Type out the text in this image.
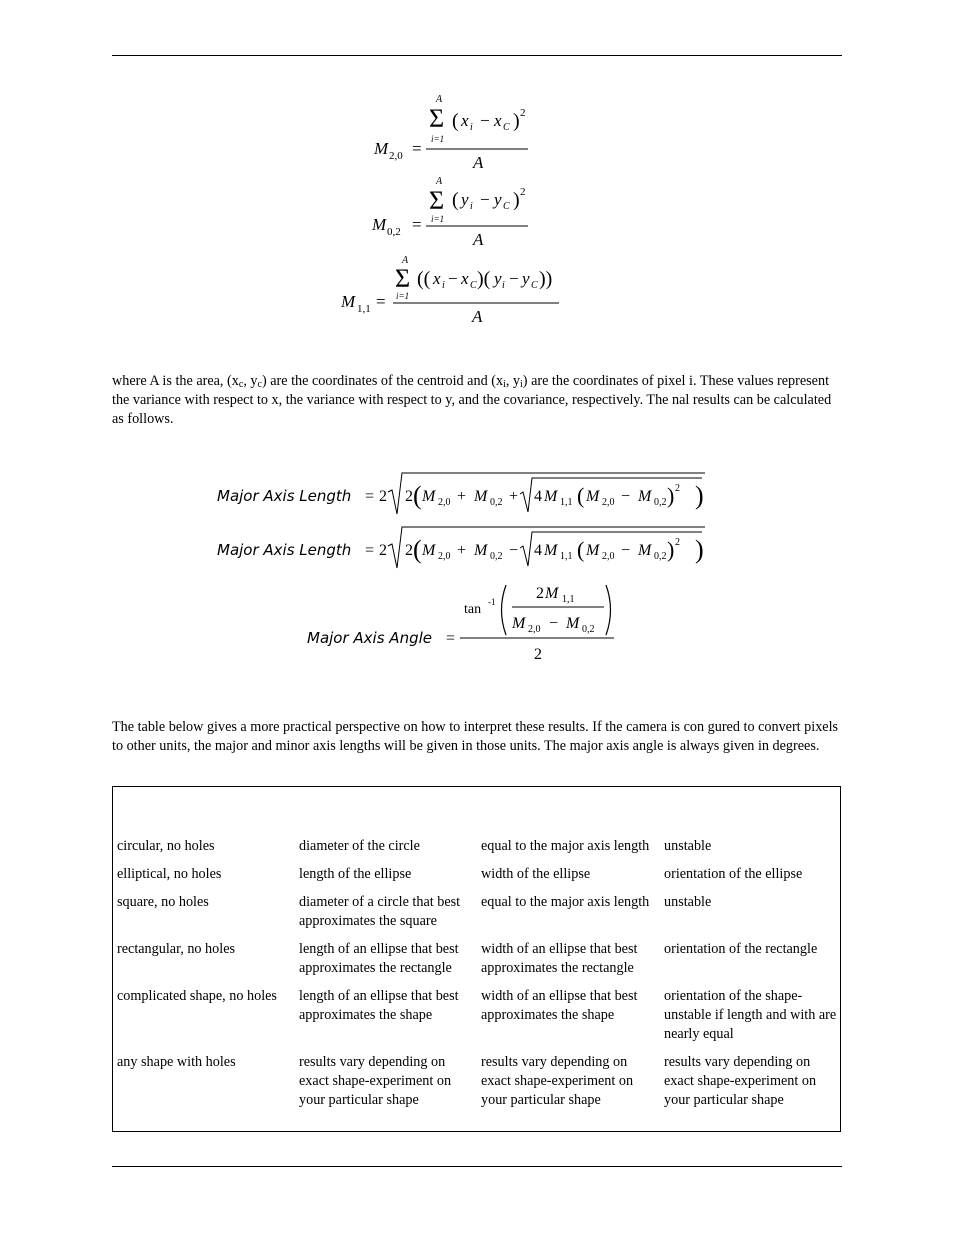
M 2,0 =
A
Σ
i=1
( x i − x C ) 2
A
M 0,2 =
A
Σ
i=1
( y i − y C ) 2
A
M 1,1 =
A
Σ
i=1
(( x i − x C )( y i − y C ))
A
where A is the area, ($x_c$, $y_c$) are the coordinates of the centroid and ($x_i$, $y_i$) are the coordinates of pixel i. These values represent the variance with respect to x, the variance with respect to y, and the covariance, respectively. The nal results can be calculated as follows.
Major Axis Length = 2 2 ( M 2,0 + M 0,2 + 4 M 1,1 ( M 2,0 − M 0,2 ) 2 )
Major Axis Length = 2 2 ( M 2,0 + M 0,2 − 4 M 1,1 ( M 2,0 − M 0,2 ) 2 )
Major Axis Angle =
tan -1	2 M 1,1
M 2,0 − M 0,2
2
The table below gives a more practical perspective on how to interpret these results. If the camera is con gured to convert pixels to other units, the major and minor axis lengths will be given in those units. The major axis angle is always given in degrees.

circular, no holes	diameter of the circle	equal to the major axis length	unstable
elliptical, no holes	length of the ellipse	width of the ellipse	orientation of the ellipse
square, no holes	diameter of a circle that best approximates the square	equal to the major axis length	unstable
rectangular, no holes	length of an ellipse that best approximates the rectangle	width of an ellipse that best approximates the rectangle	orientation of the rectangle
complicated shape, no holes	length of an ellipse that best approximates the shape	width of an ellipse that best approximates the shape	orientation of the shape-unstable if length and with are nearly equal
any shape with holes	results vary depending on exact shape-experiment on your particular shape	results vary depending on exact shape-experiment on your particular shape	results vary depending on exact shape-experiment on your particular shape
